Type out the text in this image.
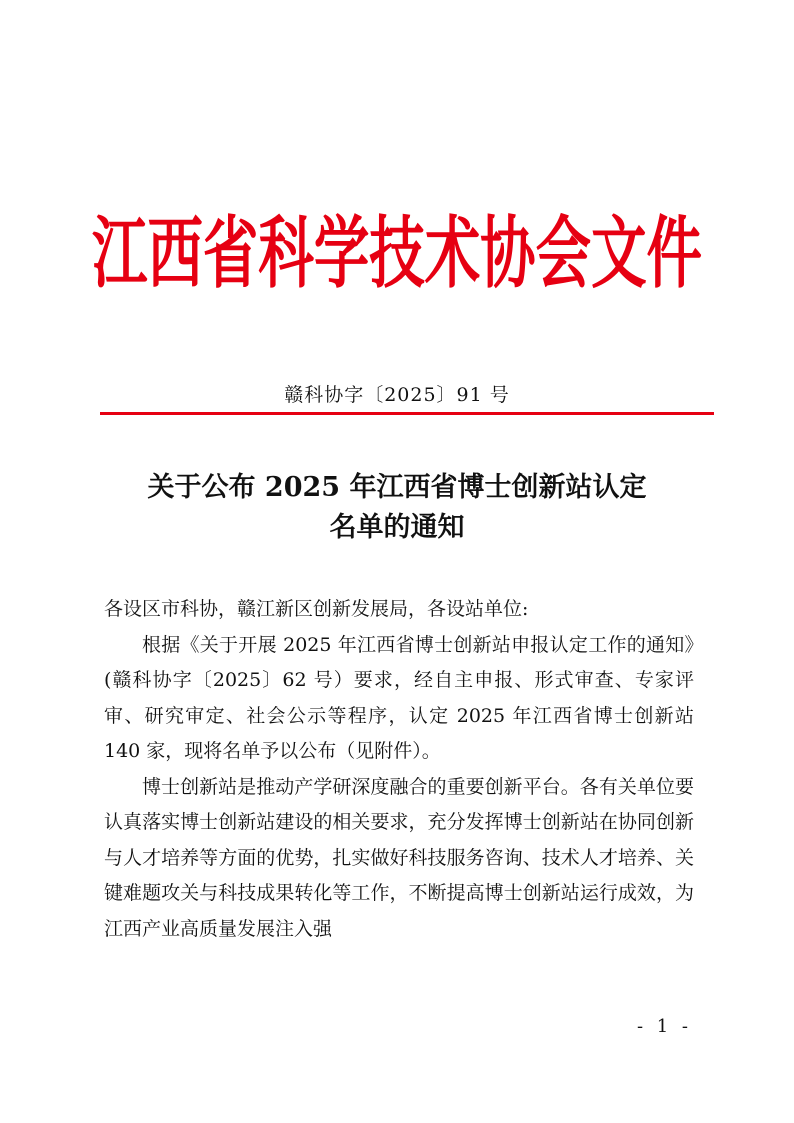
江西省科学技术协会文件
赣科协字〔2025〕91 号
关于公布 2025 年江西省博士创新站认定
名单的通知

各设区市科协，赣江新区创新发展局，各设站单位:

根据《关于开展 2025 年江西省博士创新站申报认定工作的通知》(赣科协字〔2025〕62 号）要求，经自主申报、形式审查、专家评审、研究审定、社会公示等程序，认定 2025 年江西省博士创新站 140 家，现将名单予以公布（见附件）。

博士创新站是推动产学研深度融合的重要创新平台。各有关单位要认真落实博士创新站建设的相关要求，充分发挥博士创新站在协同创新与人才培养等方面的优势，扎实做好科技服务咨询、技术人才培养、关键难题攻关与科技成果转化等工作，不断提高博士创新站运行成效，为江西产业高质量发展注入强

- 1 -
